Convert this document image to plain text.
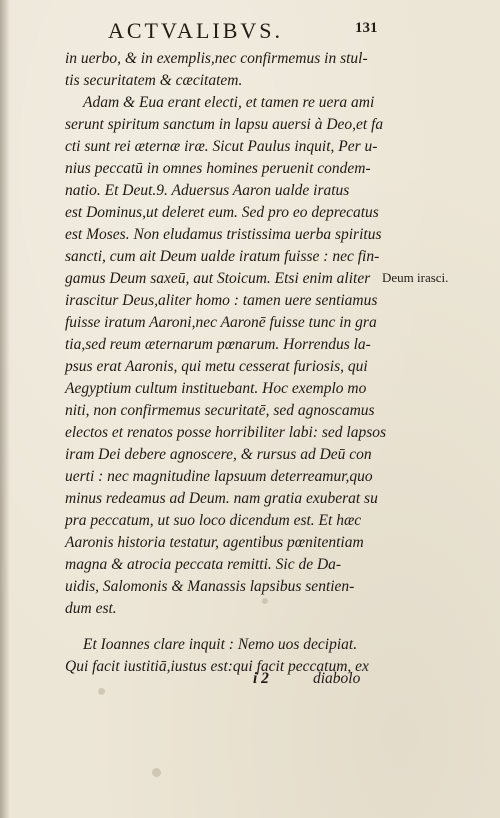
ACTVALIBVS.	131
in uerbo, & in exemplis,nec confirmemus in stul-
tis securitatem & cæcitatem.
Adam & Eua erant electi, et tamen re uera ami
serunt spiritum sanctum in lapsu auersi à Deo,et fa
cti sunt rei æternæ iræ. Sicut Paulus inquit, Per u-
nius peccatū in omnes homines peruenit condem-
natio. Et Deut.9. Aduersus Aaron ualde iratus
est Dominus,ut deleret eum. Sed pro eo deprecatus
est Moses. Non eludamus tristissima uerba spiritus
sancti, cum ait Deum ualde iratum fuisse : nec fin-
gamus Deum saxeū, aut Stoicum. Etsi enim aliter
irascitur Deus,aliter homo : tamen uere sentiamus
fuisse iratum Aaroni,nec Aaronē fuisse tunc in gra
tia,sed reum æternarum pœnarum. Horrendus la-
psus erat Aaronis, qui metu cesserat furiosis, qui
Aegyptium cultum instituebant. Hoc exemplo mo
niti, non confirmemus securitatē, sed agnoscamus
electos et renatos posse horribiliter labi: sed lapsos
iram Dei debere agnoscere, & rursus ad Deū con
uerti : nec magnitudine lapsuum deterreamur,quo
minus redeamus ad Deum. nam gratia exuberat su
pra peccatum, ut suo loco dicendum est. Et hæc
Aaronis historia testatur, agentibus pœnitentiam
magna & atrocia peccata remitti. Sic de Da-
uidis, Salomonis & Manassis lapsibus sentien-
dum est.
Et Ioannes clare inquit : Nemo uos decipiat.
Qui facit iustitiā,iustus est:qui facit peccatum, ex
Deum irasci.
i 2	diabolo
